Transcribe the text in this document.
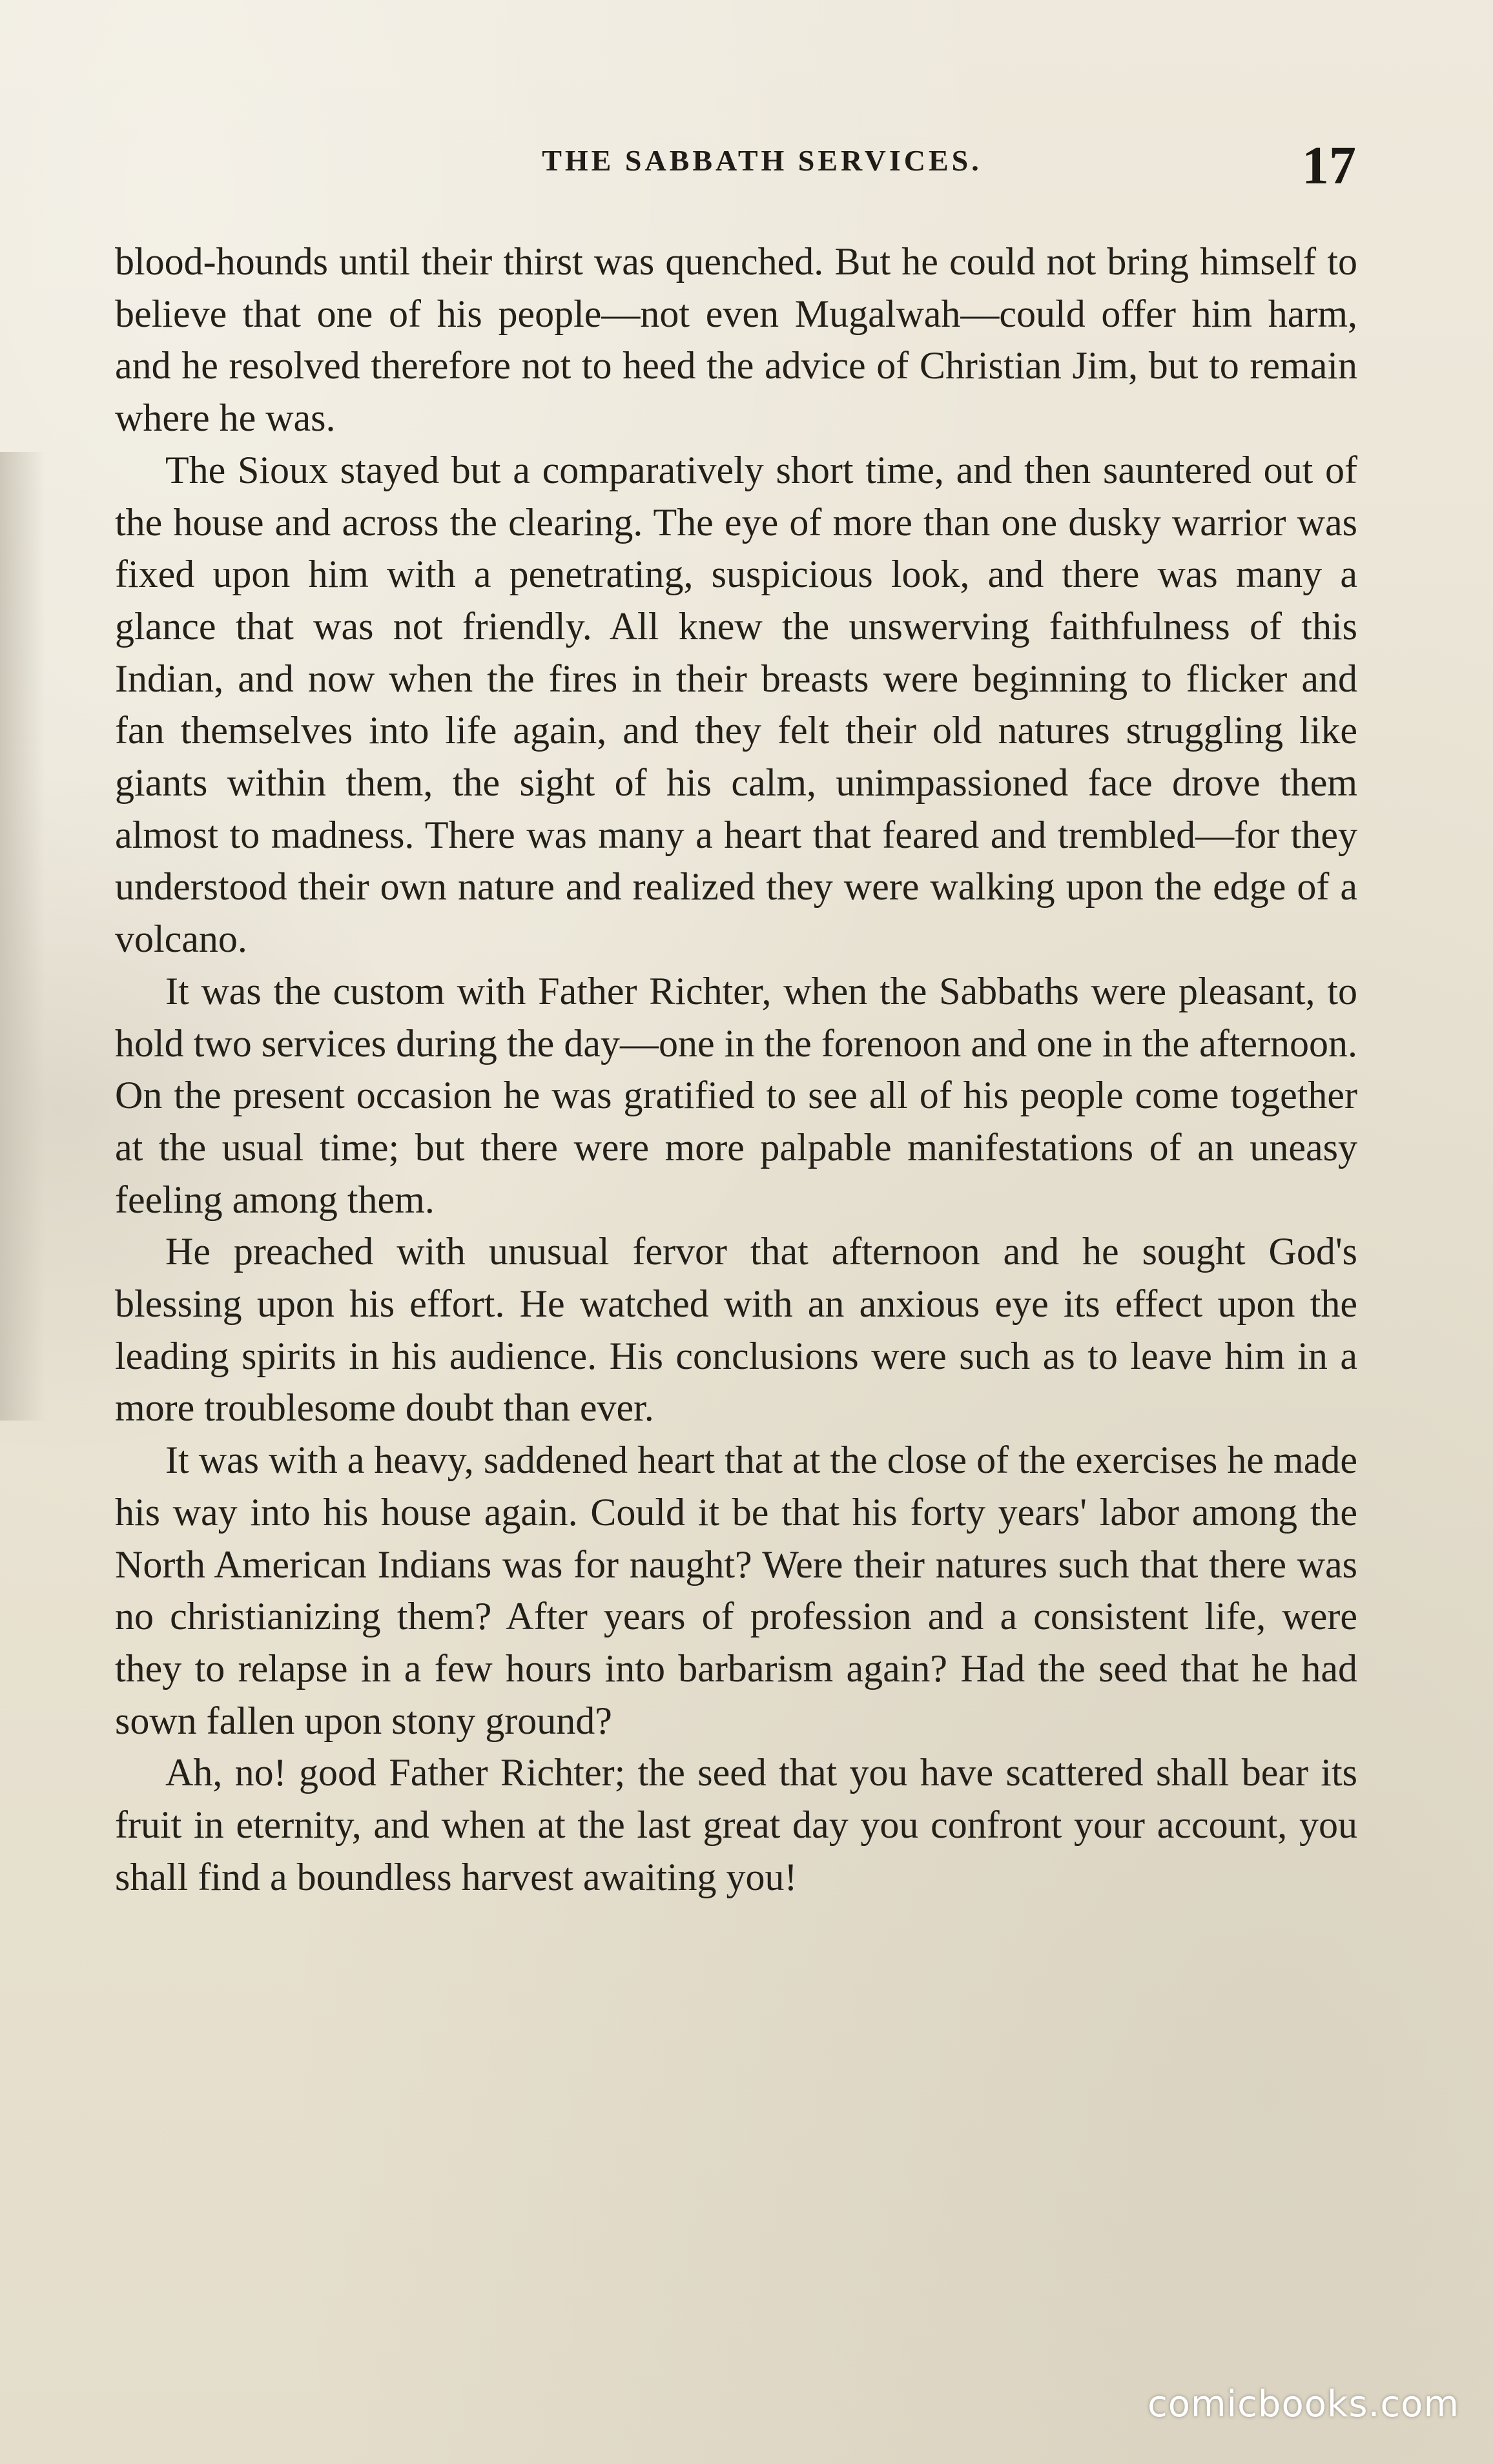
THE SABBATH SERVICES.	17

blood-hounds until their thirst was quenched. But he could not bring himself to believe that one of his people—not even Mugalwah—could offer him harm, and he resolved therefore not to heed the advice of Christian Jim, but to remain where he was.

The Sioux stayed but a comparatively short time, and then sauntered out of the house and across the clearing. The eye of more than one dusky warrior was fixed upon him with a penetrating, suspicious look, and there was many a glance that was not friendly. All knew the unswerving faithfulness of this Indian, and now when the fires in their breasts were beginning to flicker and fan themselves into life again, and they felt their old natures struggling like giants within them, the sight of his calm, unimpassioned face drove them almost to madness. There was many a heart that feared and trembled—for they understood their own nature and realized they were walking upon the edge of a volcano.

It was the custom with Father Richter, when the Sabbaths were pleasant, to hold two services during the day—one in the forenoon and one in the afternoon. On the present occasion he was gratified to see all of his people come together at the usual time; but there were more palpable manifestations of an uneasy feeling among them.

He preached with unusual fervor that afternoon and he sought God's blessing upon his effort. He watched with an anxious eye its effect upon the leading spirits in his audience. His conclusions were such as to leave him in a more troublesome doubt than ever.

It was with a heavy, saddened heart that at the close of the exercises he made his way into his house again. Could it be that his forty years' labor among the North American Indians was for naught? Were their natures such that there was no christianizing them? After years of profession and a consistent life, were they to relapse in a few hours into barbarism again? Had the seed that he had sown fallen upon stony ground?

Ah, no! good Father Richter; the seed that you have scattered shall bear its fruit in eternity, and when at the last great day you confront your account, you shall find a boundless harvest awaiting you!

comicbooks.com
